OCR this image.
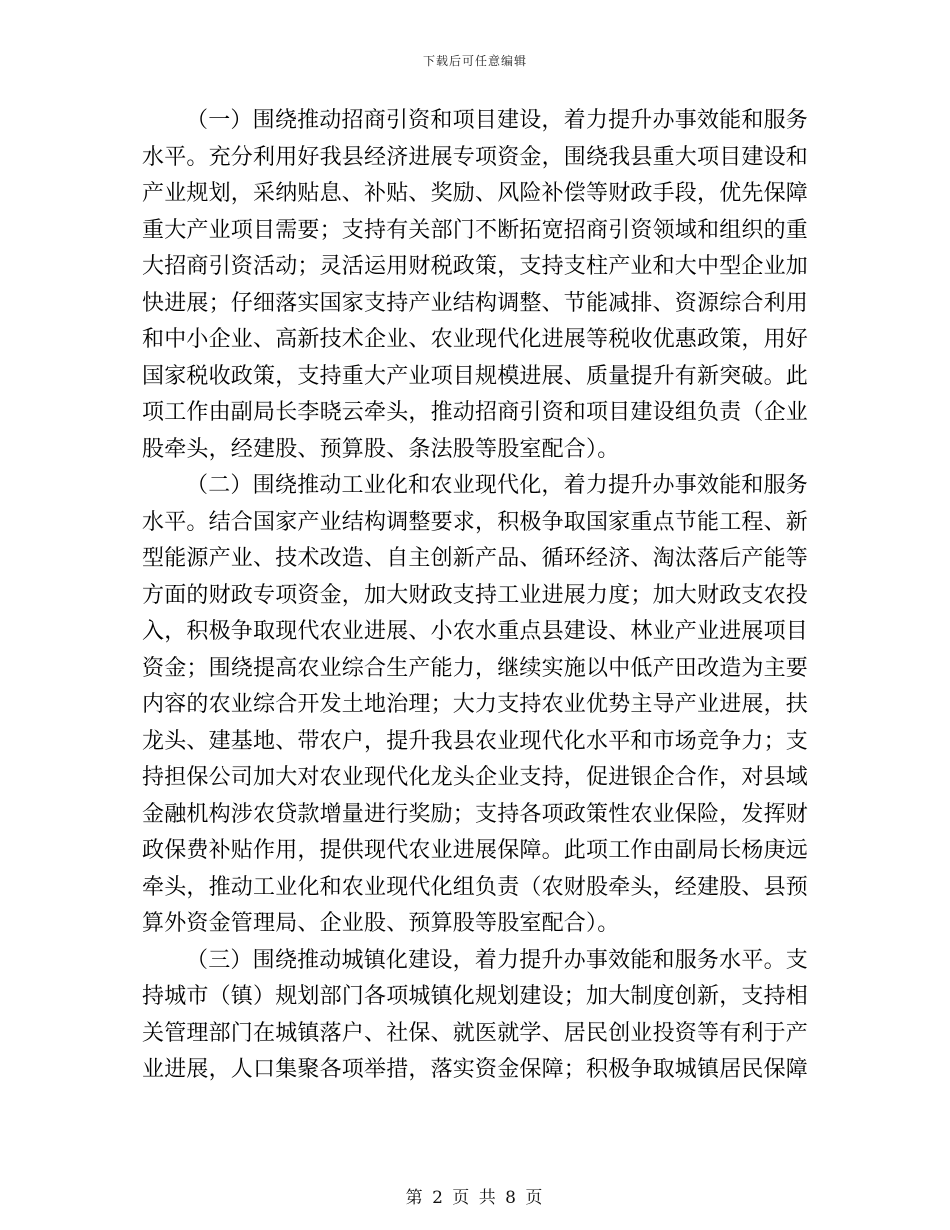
下载后可任意编辑

（一）围绕推动招商引资和项目建设，着力提升办事效能和服务水平。充分利用好我县经济进展专项资金，围绕我县重大项目建设和产业规划，采纳贴息、补贴、奖励、风险补偿等财政手段，优先保障重大产业项目需要；支持有关部门不断拓宽招商引资领域和组织的重大招商引资活动；灵活运用财税政策，支持支柱产业和大中型企业加快进展；仔细落实国家支持产业结构调整、节能减排、资源综合利用和中小企业、高新技术企业、农业现代化进展等税收优惠政策，用好国家税收政策，支持重大产业项目规模进展、质量提升有新突破。此项工作由副局长李晓云牵头，推动招商引资和项目建设组负责（企业股牵头，经建股、预算股、条法股等股室配合）。

（二）围绕推动工业化和农业现代化，着力提升办事效能和服务水平。结合国家产业结构调整要求，积极争取国家重点节能工程、新型能源产业、技术改造、自主创新产品、循环经济、淘汰落后产能等方面的财政专项资金，加大财政支持工业进展力度；加大财政支农投入，积极争取现代农业进展、小农水重点县建设、林业产业进展项目资金；围绕提高农业综合生产能力，继续实施以中低产田改造为主要内容的农业综合开发土地治理；大力支持农业优势主导产业进展，扶龙头、建基地、带农户，提升我县农业现代化水平和市场竞争力；支持担保公司加大对农业现代化龙头企业支持，促进银企合作，对县域金融机构涉农贷款增量进行奖励；支持各项政策性农业保险，发挥财政保费补贴作用，提供现代农业进展保障。此项工作由副局长杨庚远牵头，推动工业化和农业现代化组负责（农财股牵头，经建股、县预算外资金管理局、企业股、预算股等股室配合）。

（三）围绕推动城镇化建设，着力提升办事效能和服务水平。支持城市（镇）规划部门各项城镇化规划建设；加大制度创新，支持相关管理部门在城镇落户、社保、就医就学、居民创业投资等有利于产业进展，人口集聚各项举措，落实资金保障；积极争取城镇居民保障

第 2 页 共 8 页
